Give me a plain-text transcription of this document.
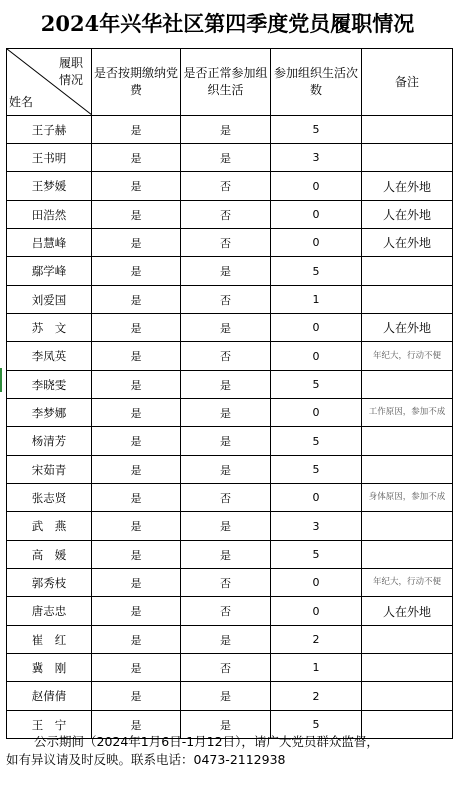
2024年兴华社区第四季度党员履职情况
履职
情况
姓名	是否按期缴纳党费	是否正常参加组织生活	参加组织生活次数	备注
王子赫	是	是	5	
王书明	是	是	3	
王梦媛	是	否	0	人在外地
田浩然	是	否	0	人在外地
吕慧峰	是	否	0	人在外地
鄢学峰	是	是	5	
刘爱国	是	否	1	
苏　文	是	是	0	人在外地
李凤英	是	否	0	年纪大，行动不便
李晓雯	是	是	5	
李梦娜	是	是	0	工作原因，参加不成
杨清芳	是	是	5	
宋茹青	是	是	5	
张志贤	是	否	0	身体原因，参加不成
武　燕	是	是	3	
高　媛	是	是	5	
郭秀枝	是	否	0	年纪大，行动不便
唐志忠	是	否	0	人在外地
崔　红	是	是	2	
冀　刚	是	否	1	
赵倩倩	是	是	2	
王　宁	是	是	5	

公示期间（2024年1月6日-1月12日），请广大党员群众监督，

如有异议请及时反映。联系电话：0473-2112938
